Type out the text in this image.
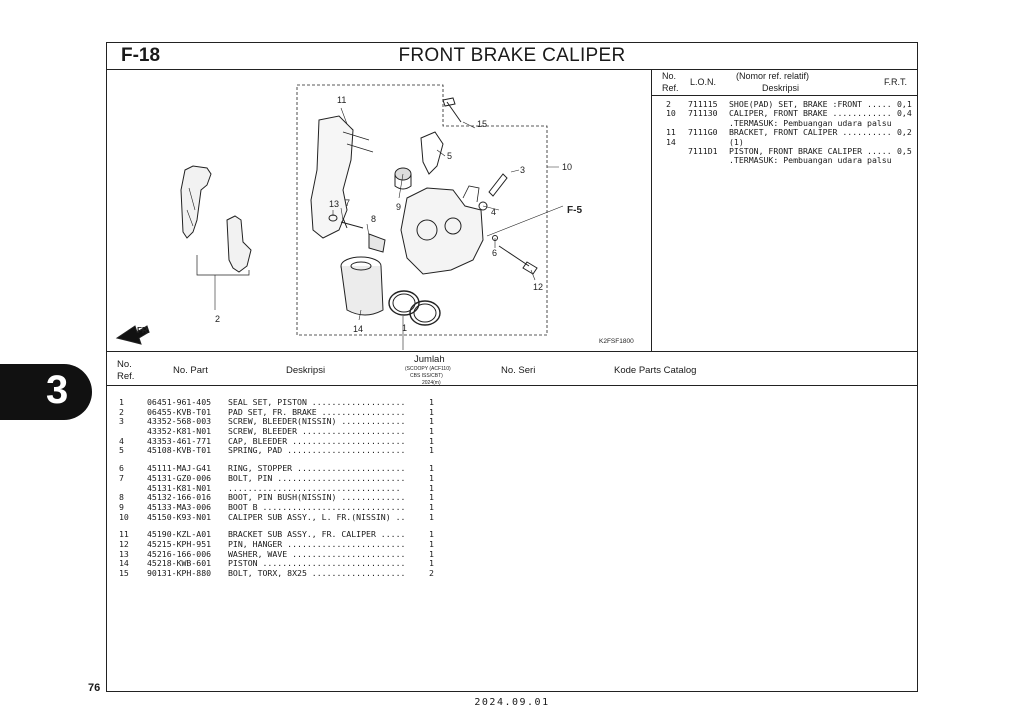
F-18	FRONT BRAKE CALIPER
1
2
3
4
5
6
7
8
9
10
11
12
13
14
15
F-5
FR.
K2FSF1800
No.
Ref.
L.O.N.
(Nomor ref. relatif)
Deskripsi
F.R.T.
2 711115 SHOE(PAD) SET, BRAKE :FRONT ..... 0,1
10 711130 CALIPER, FRONT BRAKE ............ 0,4
.TERMASUK: Pembuangan udara palsu
11 7111G0 BRACKET, FRONT CALIPER .......... 0,2
14	(1)
7111D1 PISTON, FRONT BRAKE CALIPER ..... 0,5
.TERMASUK: Pembuangan udara palsu
No.
Ref.
No. Part	Deskripsi
Jumlah
(SCOOPY (ACF110)
CBS ISS/CBT)
2024(m)
No. Seri	Kode Parts Catalog
1	06451-961-405 SEAL SET, PISTON ...................	1
2	06455-KVB-T01 PAD SET, FR. BRAKE .................	1
3	43352-568-003 SCREW, BLEEDER(NISSIN) .............	1
43352-K81-N01 SCREW, BLEEDER .....................	1
4	43353-461-771 CAP, BLEEDER .......................	1
5	45108-KVB-T01 SPRING, PAD ........................	1
6	45111-MAJ-G41 RING, STOPPER ......................	1
7	45131-GZ0-006 BOLT, PIN ..........................	1
45131-K81-N01 ...................................	1
8	45132-166-016 BOOT, PIN BUSH(NISSIN) .............	1
9	45133-MA3-006 BOOT B .............................	1
10 45150-K93-N01 CALIPER SUB ASSY., L. FR.(NISSIN) ..	1
11 45190-KZL-A01 BRACKET SUB ASSY., FR. CALIPER .....	1
12 45215-KPH-951 PIN, HANGER ........................	1
13 45216-166-006 WASHER, WAVE .......................	1
14 45218-KWB-601 PISTON .............................	1
15 90131-KPH-880 BOLT, TORX, 8X25 ...................	2
3
76
2024.09.01
